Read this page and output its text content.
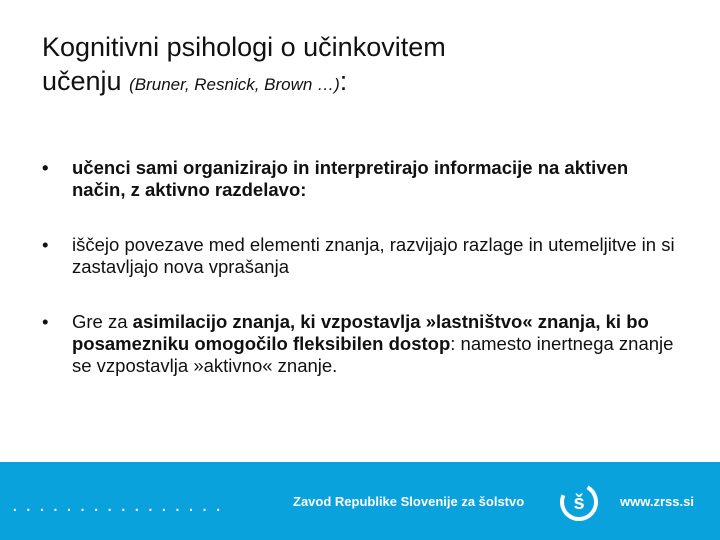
Kognitivni psihologi o učinkovitem
učenju (Bruner, Resnick, Brown …):
• učenci sami organizirajo in interpretirajo informacije na aktiven način, z aktivno razdelavo:
• iščejo povezave med elementi znanja, razvijajo razlage in utemeljitve in si zastavljajo nova vprašanja
• Gre za asimilacijo znanja, ki vzpostavlja »lastništvo« znanja, ki bo posamezniku omogočilo fleksibilen dostop: namesto inertnega znanje se vzpostavlja »aktivno« znanje.
................	Zavod Republike Slovenije za šolstvo š	www.zrss.si
